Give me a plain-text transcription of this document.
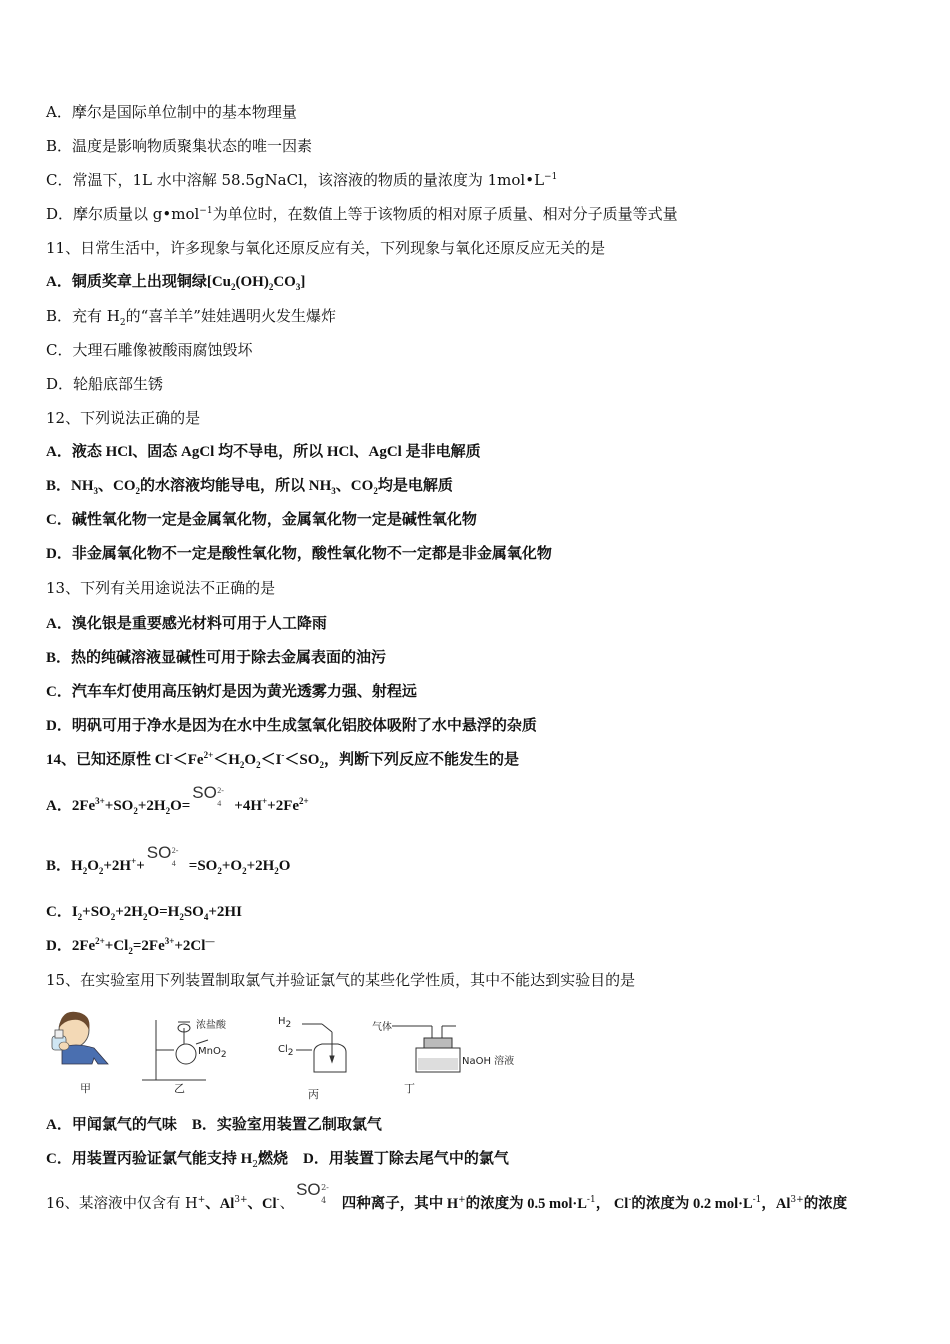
A．摩尔是国际单位制中的基本物理量
B．温度是影响物质聚集状态的唯一因素
C．常温下，1L 水中溶解 58.5gNaCl，该溶液的物质的量浓度为 $1mol•L^{-1}$
D．摩尔质量以 g•mol$^{-1}$为单位时，在数值上等于该物质的相对原子质量、相对分子质量等式量
11、日常生活中，许多现象与氧化还原反应有关，下列现象与氧化还原反应无关的是
A．铜质奖章上出现铜绿$[Cu_2(OH)_2CO_3]$
B．充有 $H_2$的“喜羊羊”娃娃遇明火发生爆炸
C．大理石雕像被酸雨腐蚀毁坏
D．轮船底部生锈
12、下列说法正确的是
A．液态 HCl、固态 AgCl 均不导电，所以 HCl、AgCl 是非电解质
B．$NH_3$、$CO_2$的水溶液均能导电，所以 $NH_3$、$CO_2$均是电解质
C．碱性氧化物一定是金属氧化物，金属氧化物一定是碱性氧化物
D．非金属氧化物不一定是酸性氧化物，酸性氧化物不一定都是非金属氧化物
13、下列有关用途说法不正确的是
A．溴化银是重要感光材料可用于人工降雨
B．热的纯碱溶液显碱性可用于除去金属表面的油污
C．汽车车灯使用高压钠灯是因为黄光透雾力强、射程远
D．明矾可用于净水是因为在水中生成氢氧化铝胶体吸附了水中悬浮的杂质
14、已知还原性 $Cl^-<Fe^{2+}<H_2O_2<I^-<SO_2$，判断下列反应不能发生的是
A．$2Fe^{3+}+SO_2+2H_2O=$
SO 2-
$4 +4H^++2Fe^{2+}$
B．$H_2O_2+2H^++$
SO 2-
$4 =SO_2+O_2+2H_2O$
C．$I_2+SO_2+2H_2O=H_2SO_4+2HI$
D．$2Fe^{2+}+Cl_2=2Fe^{3+}+2Cl^—$
15、在实验室用下列装置制取氯气并验证氯气的某些化学性质，其中不能达到实验目的是
甲	乙	丙	丁
浓盐酸
MnO$_2$
$H_2$
$Cl_2$
气体
NaOH 溶液
A．甲闻氯气的气味　B．实验室用装置乙制取氯气
C．用装置丙验证氯气能支持 $H_2$燃烧　D．用装置丁除去尾气中的氯气
16、某溶液中仅含有 H+、$Al^{3+}$、Cl-、
SO 2-
4 四种离子，其中 H+的浓度为 0.5 $mol\cdot L^{-1}$， Cl-的浓度为 0.2 $mol\cdot L^{-1}$，$Al^{3+}$的浓度
